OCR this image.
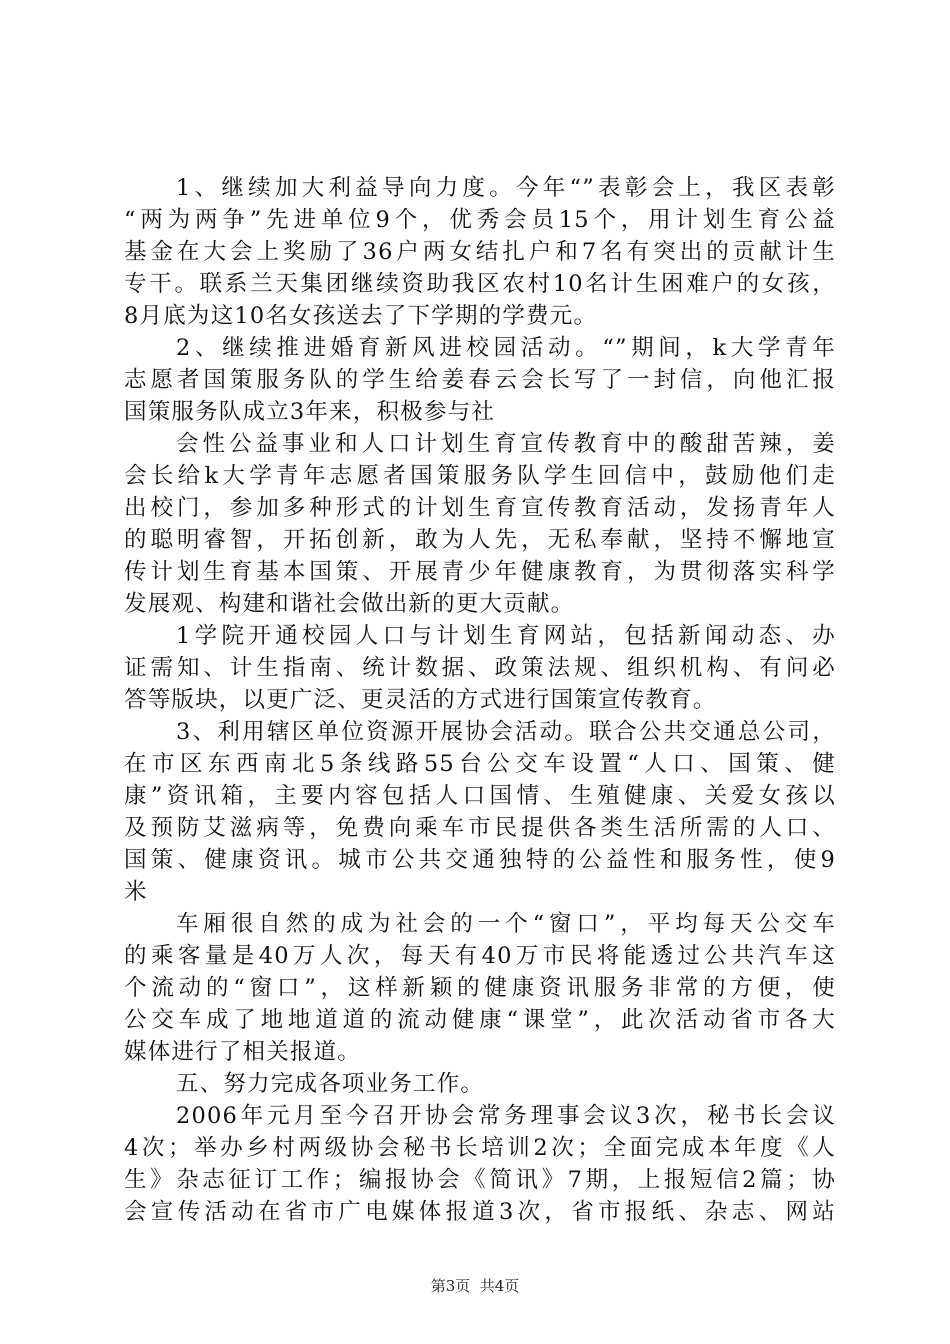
1、继续加大利益导向力度。今年“”表彰会上，我区表彰
“两为两争”先进单位9个，优秀会员15个，用计划生育公益
基金在大会上奖励了36户两女结扎户和7名有突出的贡献计生
专干。联系兰天集团继续资助我区农村10名计生困难户的女孩，
8月底为这10名女孩送去了下学期的学费元。
2、继续推进婚育新风进校园活动。“”期间，k大学青年
志愿者国策服务队的学生给姜春云会长写了一封信，向他汇报
国策服务队成立3年来，积极参与社
会性公益事业和人口计划生育宣传教育中的酸甜苦辣，姜
会长给k大学青年志愿者国策服务队学生回信中，鼓励他们走
出校门，参加多种形式的计划生育宣传教育活动，发扬青年人
的聪明睿智，开拓创新，敢为人先，无私奉献，坚持不懈地宣
传计划生育基本国策、开展青少年健康教育，为贯彻落实科学
发展观、构建和谐社会做出新的更大贡献。
1学院开通校园人口与计划生育网站，包括新闻动态、办
证需知、计生指南、统计数据、政策法规、组织机构、有问必
答等版块，以更广泛、更灵活的方式进行国策宣传教育。
3、利用辖区单位资源开展协会活动。联合公共交通总公司，
在市区东西南北5条线路55台公交车设置“人口、国策、健
康”资讯箱，主要内容包括人口国情、生殖健康、关爱女孩以
及预防艾滋病等，免费向乘车市民提供各类生活所需的人口、
国策、健康资讯。城市公共交通独特的公益性和服务性，使9
米
车厢很自然的成为社会的一个“窗口”，平均每天公交车
的乘客量是40万人次，每天有40万市民将能透过公共汽车这
个流动的“窗口”，这样新颖的健康资讯服务非常的方便，使
公交车成了地地道道的流动健康“课堂”，此次活动省市各大
媒体进行了相关报道。
五、努力完成各项业务工作。
2006年元月至今召开协会常务理事会议3次，秘书长会议
4次；举办乡村两级协会秘书长培训2次；全面完成本年度《人
生》杂志征订工作；编报协会《简讯》7期，上报短信2篇；协
会宣传活动在省市广电媒体报道3次，省市报纸、杂志、网站
第3页  共4页
